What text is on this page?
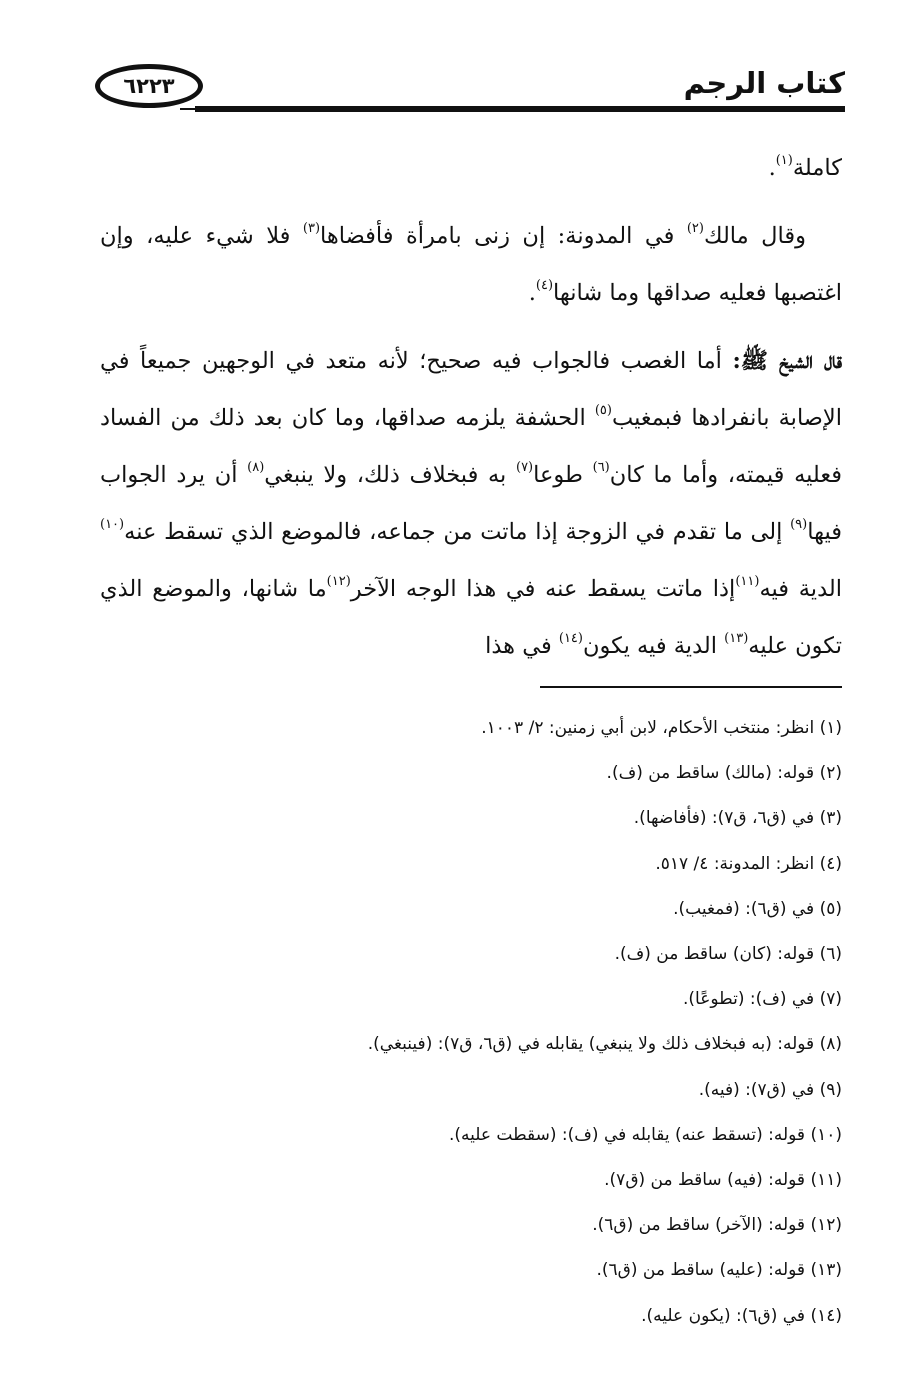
٦٢٢٣	كتاب الرجم

كاملة$^{(١)}$.

وقال مالك$^{(٢)}$ في المدونة: إن زنى بامرأة فأفضاها$^{(٣)}$ فلا شيء عليه، وإن اغتصبها فعليه صداقها وما شانها$^{(٤)}$.

قال الشيخ ﷺ: أما الغصب فالجواب فيه صحيح؛ لأنه متعد في الوجهين جميعاً في الإصابة بانفرادها فبمغيب$^{(٥)}$ الحشفة يلزمه صداقها، وما كان بعد ذلك من الفساد فعليه قيمته، وأما ما كان$^{(٦)}$ طوعا$^{(٧)}$ به فبخلاف ذلك، ولا ينبغي$^{(٨)}$ أن يرد الجواب فيها$^{(٩)}$ إلى ما تقدم في الزوجة إذا ماتت من جماعه، فالموضع الذي تسقط عنه$^{(١٠)}$ الدية فيه$^{(١١)}$إذا ماتت يسقط عنه في هذا الوجه الآخر$^{(١٢)}$ما شانها، والموضع الذي تكون عليه$^{(١٣)}$ الدية فيه يكون$^{(١٤)}$ في هذا

(١) انظر: منتخب الأحكام، لابن أبي زمنين: ٢/ ١٠٠٣.
(٢) قوله: (مالك) ساقط من (ف).
(٣) في (ق٦، ق٧): (فأفاضها).
(٤) انظر: المدونة: ٤/ ٥١٧.
(٥) في (ق٦): (فمغيب).
(٦) قوله: (كان) ساقط من (ف).
(٧) في (ف): (تطوعًا).
(٨) قوله: (به فبخلاف ذلك ولا ينبغي) يقابله في (ق٦، ق٧): (فينبغي).
(٩) في (ق٧): (فيه).
(١٠) قوله: (تسقط عنه) يقابله في (ف): (سقطت عليه).
(١١) قوله: (فيه) ساقط من (ق٧).
(١٢) قوله: (الآخر) ساقط من (ق٦).
(١٣) قوله: (عليه) ساقط من (ق٦).
(١٤) في (ق٦): (يكون عليه).
